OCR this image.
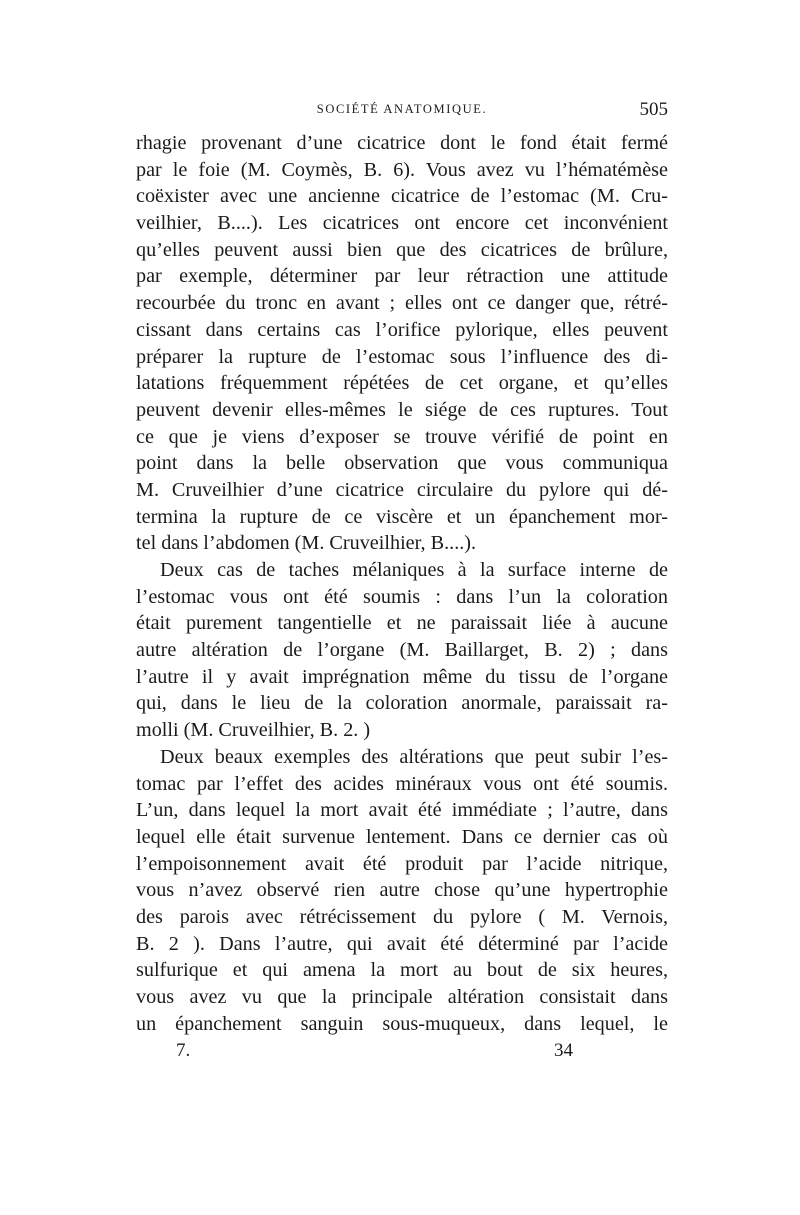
SOCIÉTÉ ANATOMIQUE.	505
rhagie provenant d’une cicatrice dont le fond était fermé
par le foie (M. Coymès, B. 6). Vous avez vu l’hématémèse
coëxister avec une ancienne cicatrice de l’estomac (M. Cru-
veilhier, B....). Les cicatrices ont encore cet inconvénient
qu’elles peuvent aussi bien que des cicatrices de brûlure,
par exemple, déterminer par leur rétraction une attitude
recourbée du tronc en avant ; elles ont ce danger que, rétré-
cissant dans certains cas l’orifice pylorique, elles peuvent
préparer la rupture de l’estomac sous l’influence des di-
latations fréquemment répétées de cet organe, et qu’elles
peuvent devenir elles-mêmes le siége de ces ruptures. Tout
ce que je viens d’exposer se trouve vérifié de point en
point dans la belle observation que vous communiqua
M. Cruveilhier d’une cicatrice circulaire du pylore qui dé-
termina la rupture de ce viscère et un épanchement mor-
tel dans l’abdomen (M. Cruveilhier, B....).
Deux cas de taches mélaniques à la surface interne de
l’estomac vous ont été soumis : dans l’un la coloration
était purement tangentielle et ne paraissait liée à aucune
autre altération de l’organe (M. Baillarget, B. 2) ; dans
l’autre il y avait imprégnation même du tissu de l’organe
qui, dans le lieu de la coloration anormale, paraissait ra-
molli (M. Cruveilhier, B. 2. )
Deux beaux exemples des altérations que peut subir l’es-
tomac par l’effet des acides minéraux vous ont été soumis.
L’un, dans lequel la mort avait été immédiate ; l’autre, dans
lequel elle était survenue lentement. Dans ce dernier cas où
l’empoisonnement avait été produit par l’acide nitrique,
vous n’avez observé rien autre chose qu’une hypertrophie
des parois avec rétrécissement du pylore ( M. Vernois,
B. 2 ). Dans l’autre, qui avait été déterminé par l’acide
sulfurique et qui amena la mort au bout de six heures,
vous avez vu que la principale altération consistait dans
un épanchement sanguin sous-muqueux, dans lequel, le
7.	34
